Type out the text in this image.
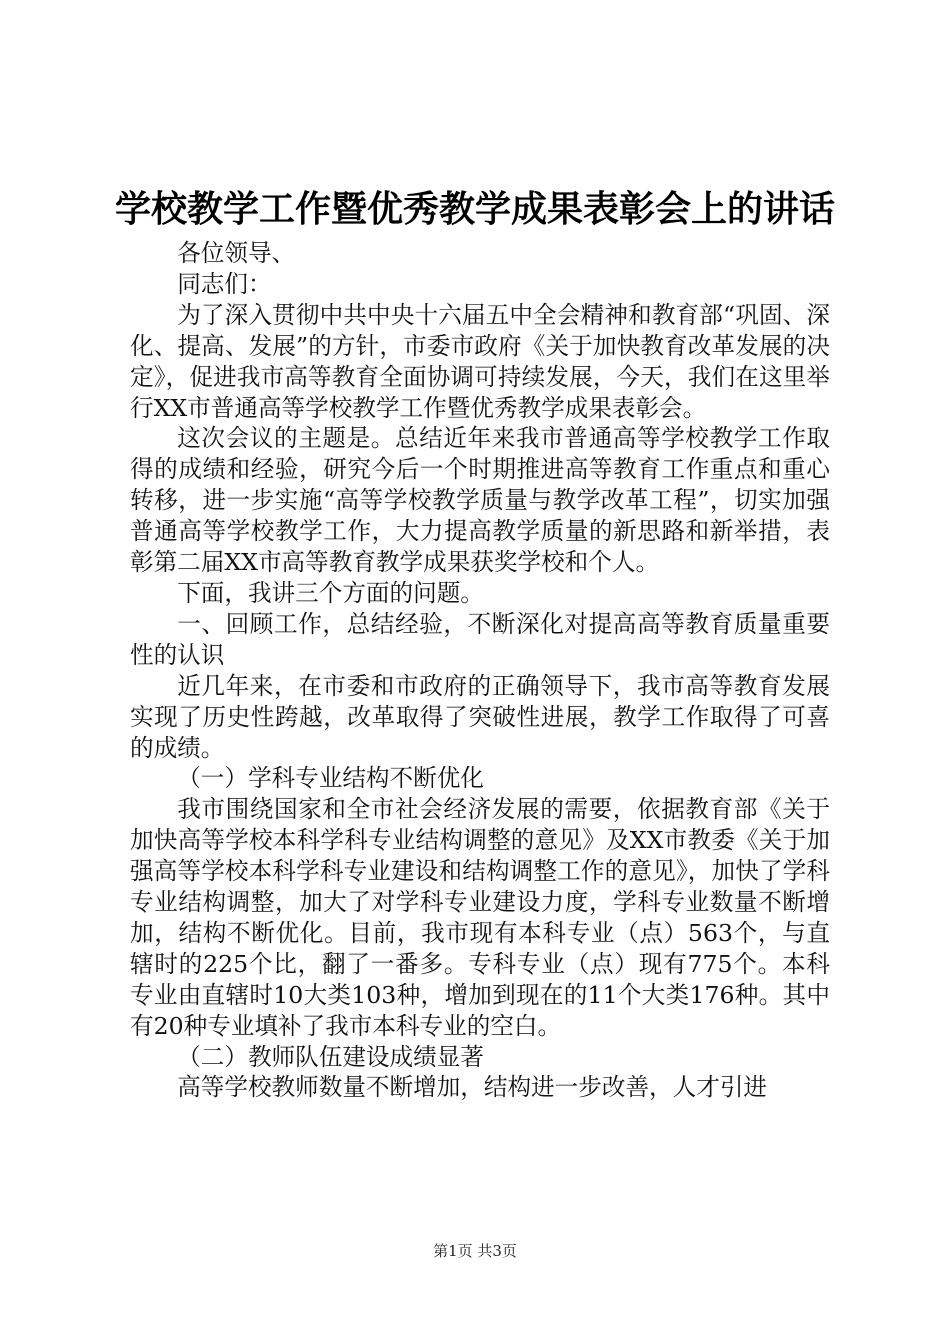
学校教学工作暨优秀教学成果表彰会上的讲话

各位领导、

同志们：

为了深入贯彻中共中央十六届五中全会精神和教育部“巩固、深化、提高、发展”的方针，市委市政府《关于加快教育改革发展的决定》，促进我市高等教育全面协调可持续发展，今天，我们在这里举行XX市普通高等学校教学工作暨优秀教学成果表彰会。

这次会议的主题是。总结近年来我市普通高等学校教学工作取得的成绩和经验，研究今后一个时期推进高等教育工作重点和重心转移，进一步实施“高等学校教学质量与教学改革工程”，切实加强普通高等学校教学工作，大力提高教学质量的新思路和新举措，表彰第二届XX市高等教育教学成果获奖学校和个人。

下面，我讲三个方面的问题。

一、回顾工作，总结经验，不断深化对提高高等教育质量重要性的认识

近几年来，在市委和市政府的正确领导下，我市高等教育发展实现了历史性跨越，改革取得了突破性进展，教学工作取得了可喜的成绩。

（一）学科专业结构不断优化

我市围绕国家和全市社会经济发展的需要，依据教育部《关于加快高等学校本科学科专业结构调整的意见》及XX市教委《关于加强高等学校本科学科专业建设和结构调整工作的意见》，加快了学科专业结构调整，加大了对学科专业建设力度，学科专业数量不断增加，结构不断优化。目前，我市现有本科专业（点）563个，与直辖时的225个比，翻了一番多。专科专业（点）现有775个。本科专业由直辖时10大类103种，增加到现在的11个大类176种。其中有20种专业填补了我市本科专业的空白。

（二）教师队伍建设成绩显著

高等学校教师数量不断增加，结构进一步改善，人才引进

第1页 共3页
